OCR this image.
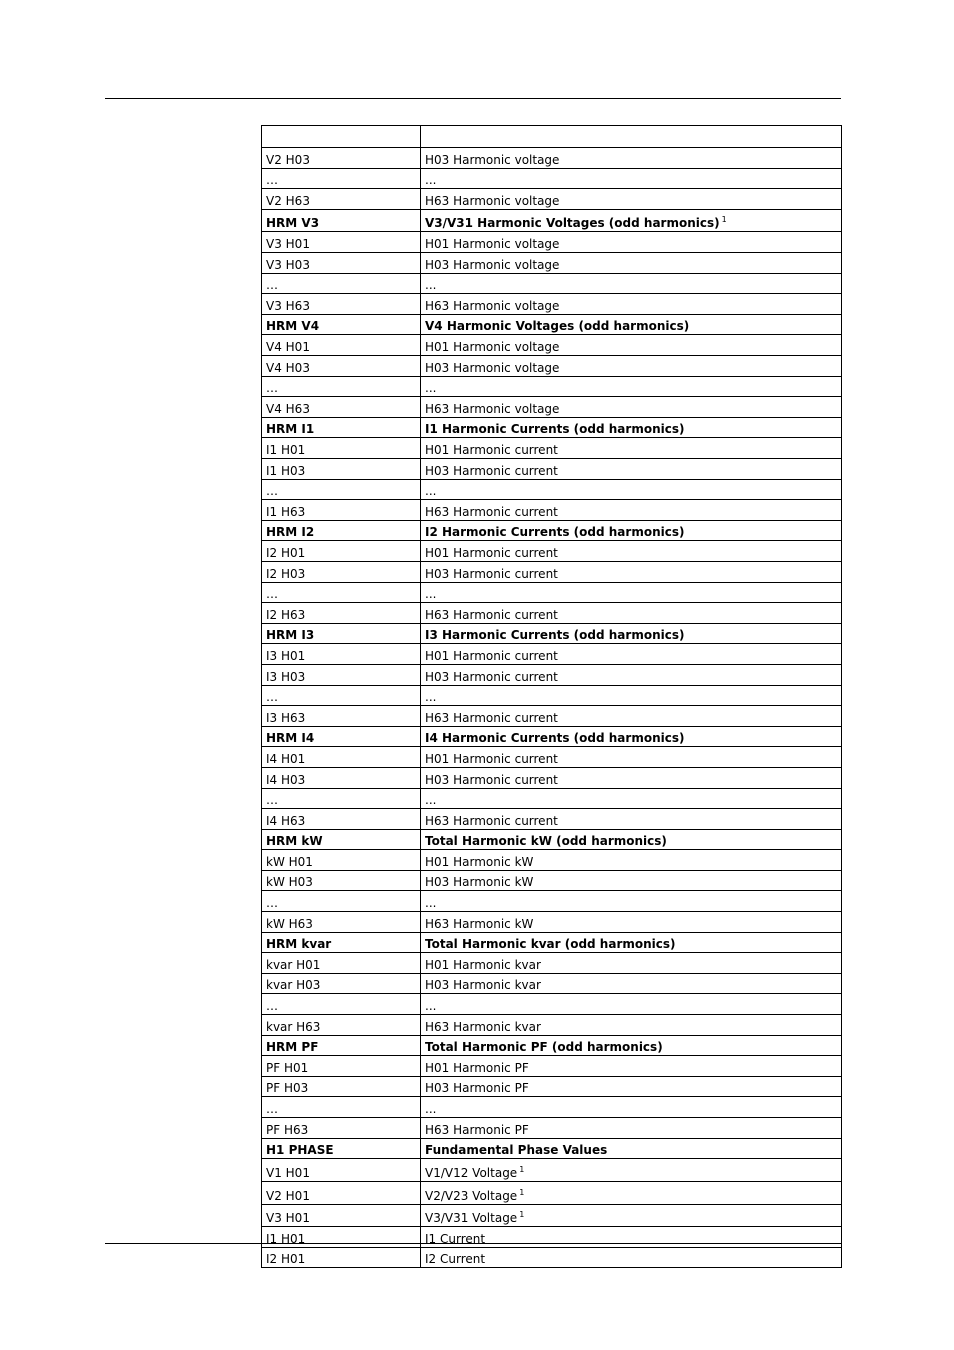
V2 H03	H03 Harmonic voltage
…	...
V2 H63	H63 Harmonic voltage
HRM V3	V3/V31 Harmonic Voltages (odd harmonics) $^1$
V3 H01	H01 Harmonic voltage
V3 H03	H03 Harmonic voltage
…	...
V3 H63	H63 Harmonic voltage
HRM V4	V4 Harmonic Voltages (odd harmonics)
V4 H01	H01 Harmonic voltage
V4 H03	H03 Harmonic voltage
…	...
V4 H63	H63 Harmonic voltage
HRM I1	I1 Harmonic Currents (odd harmonics)
I1 H01	H01 Harmonic current
I1 H03	H03 Harmonic current
…	...
I1 H63	H63 Harmonic current
HRM I2	I2 Harmonic Currents (odd harmonics)
I2 H01	H01 Harmonic current
I2 H03	H03 Harmonic current
…	...
I2 H63	H63 Harmonic current
HRM I3	I3 Harmonic Currents (odd harmonics)
I3 H01	H01 Harmonic current
I3 H03	H03 Harmonic current
…	...
I3 H63	H63 Harmonic current
HRM I4	I4 Harmonic Currents (odd harmonics)
I4 H01	H01 Harmonic current
I4 H03	H03 Harmonic current
…	...
I4 H63	H63 Harmonic current
HRM kW	Total Harmonic kW (odd harmonics)
kW H01	H01 Harmonic kW
kW H03	H03 Harmonic kW
…	...
kW H63	H63 Harmonic kW
HRM kvar	Total Harmonic kvar (odd harmonics)
kvar H01	H01 Harmonic kvar
kvar H03	H03 Harmonic kvar
…	...
kvar H63	H63 Harmonic kvar
HRM PF	Total Harmonic PF (odd harmonics)
PF H01	H01 Harmonic PF
PF H03	H03 Harmonic PF
…	...
PF H63	H63 Harmonic PF
H1 PHASE	Fundamental Phase Values
V1 H01	V1/V12 Voltage $^1$
V2 H01	V2/V23 Voltage $^1$
V3 H01	V3/V31 Voltage $^1$
I1 H01	I1 Current
I2 H01	I2 Current
